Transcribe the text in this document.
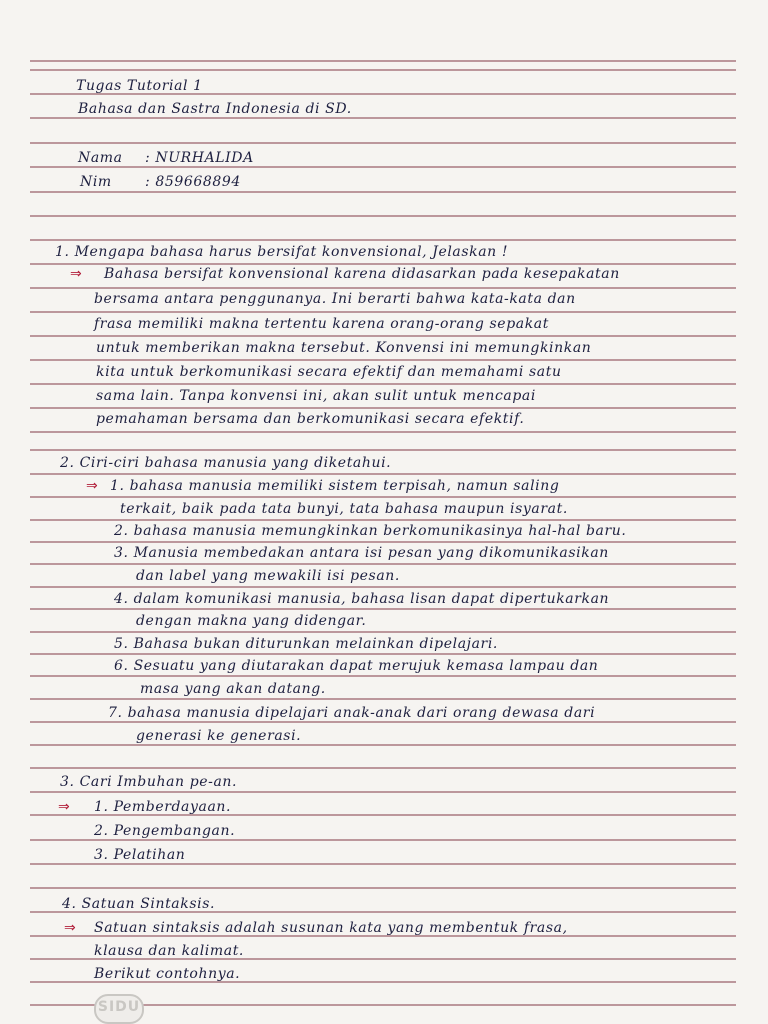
Tugas Tutorial 1
Bahasa dan Sastra Indonesia di SD.
Nama : NURHALIDA
Nim : 859668894
1. Mengapa bahasa harus bersifat konvensional, Jelaskan !
⇒ Bahasa bersifat konvensional karena didasarkan pada kesepakatan
bersama antara penggunanya. Ini berarti bahwa kata-kata dan
frasa memiliki makna tertentu karena orang-orang sepakat
untuk memberikan makna tersebut. Konvensi ini memungkinkan
kita untuk berkomunikasi secara efektif dan memahami satu
sama lain. Tanpa konvensi ini, akan sulit untuk mencapai
pemahaman bersama dan berkomunikasi secara efektif.
2. Ciri-ciri bahasa manusia yang diketahui.
⇒ 1. bahasa manusia memiliki sistem terpisah, namun saling
terkait, baik pada tata bunyi, tata bahasa maupun isyarat.
2. bahasa manusia memungkinkan berkomunikasinya hal-hal baru.
3. Manusia membedakan antara isi pesan yang dikomunikasikan
dan label yang mewakili isi pesan.
4. dalam komunikasi manusia, bahasa lisan dapat dipertukarkan
dengan makna yang didengar.
5. Bahasa bukan diturunkan melainkan dipelajari.
6. Sesuatu yang diutarakan dapat merujuk kemasa lampau dan
masa yang akan datang.
7. bahasa manusia dipelajari anak-anak dari orang dewasa dari
generasi ke generasi.
3. Cari Imbuhan pe-an.
⇒ 1. Pemberdayaan.
2. Pengembangan.
3. Pelatihan
4. Satuan Sintaksis.
⇒ Satuan sintaksis adalah susunan kata yang membentuk frasa,
klausa dan kalimat.
Berikut contohnya.
SIDU
